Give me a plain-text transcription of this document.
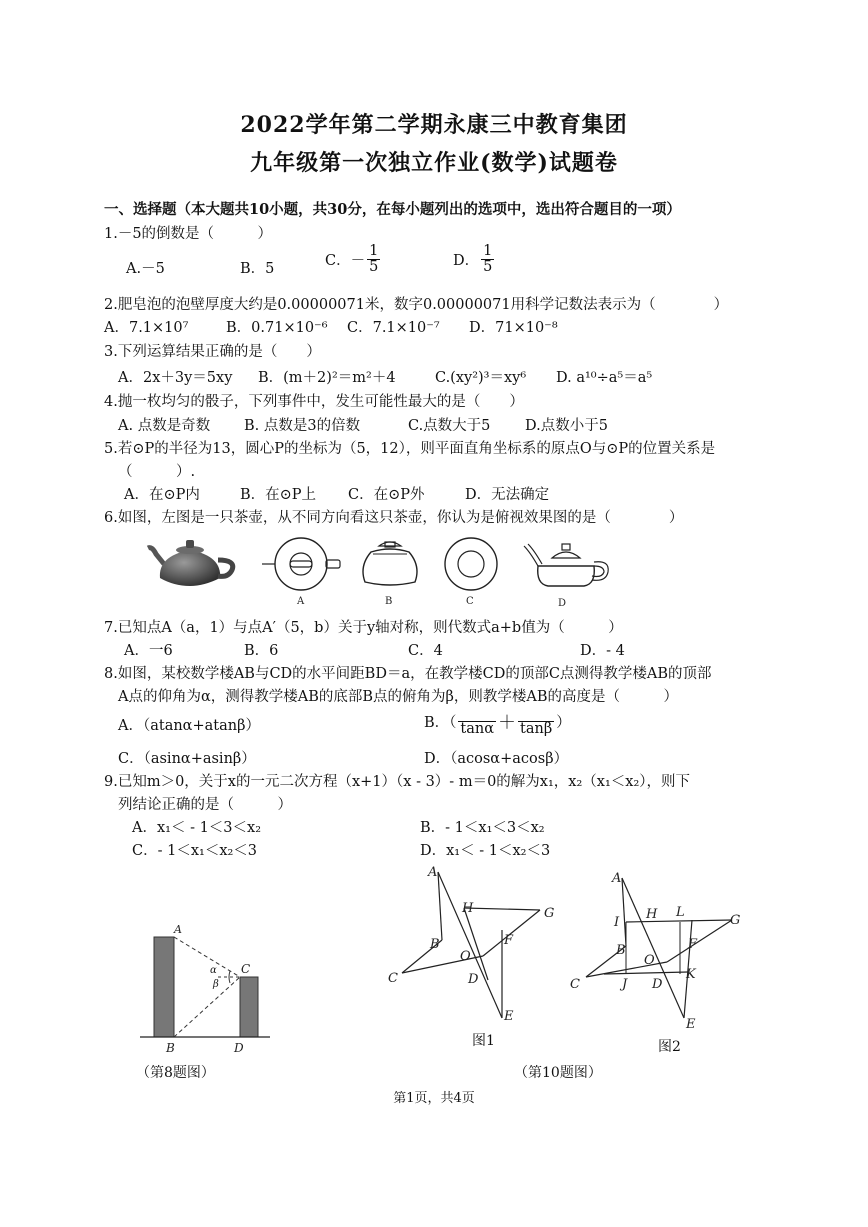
2022学年第二学期永康三中教育集团
九年级第一次独立作业(数学)试题卷
一、选择题（本大题共10小题，共30分，在每小题列出的选项中，选出符合题目的一项）
1.－5的倒数是（　　　）
A.－5	B．5	C．－ $\frac{1}{5}$	D． $\frac{1}{5}$
2.肥皂泡的泡壁厚度大约是0.00000071米，数字0.00000071用科学记数法表示为（　　　　）
A．7.1×10⁷	B．0.71×10⁻⁶ C．7.1×10⁻⁷ D．71×10⁻⁸
3.下列运算结果正确的是（　　）
A．2x＋3y＝5xy B．(m＋2)²＝m²＋4	C.(xy²)³＝xy⁶ D. a¹⁰÷a⁵＝a⁵
4.抛一枚均匀的骰子，下列事件中，发生可能性最大的是（　　）
A. 点数是奇数 B. 点数是3的倍数	C.点数大于5 D.点数小于5
5.若⊙P的半径为13，圆心P的坐标为（5，12），则平面直角坐标系的原点O与⊙P的位置关系是
（　　　）.
A．在⊙P内	B．在⊙P上 C．在⊙P外	D．无法确定
6.如图，左图是一只茶壶，从不同方向看这只茶壶，你认为是俯视效果图的是（　　　　）
A	B	C	D
7.已知点A（a，1）与点A′（5，b）关于y轴对称，则代数式a+b值为（　　　）
A．一6	B．6	C．4	D．- 4
8.如图，某校数学楼AB与CD的水平间距BD＝a，在教学楼CD的顶部C点测得教学楼AB的顶部
A点的仰角为α，测得教学楼AB的底部B点的俯角为β，则教学楼AB的高度是（　　　）
A．（atanα+atanβ）	B．（
   tanα ＋
   tanβ ）
C．（asinα+asinβ）	D．（acosα+acosβ）
9.已知m＞0，关于x的一元二次方程（x+1）（x - 3）- m＝0的解为x₁，x₂（x₁＜x₂），则下
列结论正确的是（　　　）
A．x₁＜ - 1＜3＜x₂	B．- 1＜x₁＜3＜x₂
C．- 1＜x₁＜x₂＜3	D．x₁＜ - 1＜x₂＜3
A
B
C
D
α
β
（第8题图）
A
H	G
B	F
O
C	D
E
图1
A
I
H L
G
B	F
O
C	J D
K
E
图2
（第10题图）
第1页，共4页
